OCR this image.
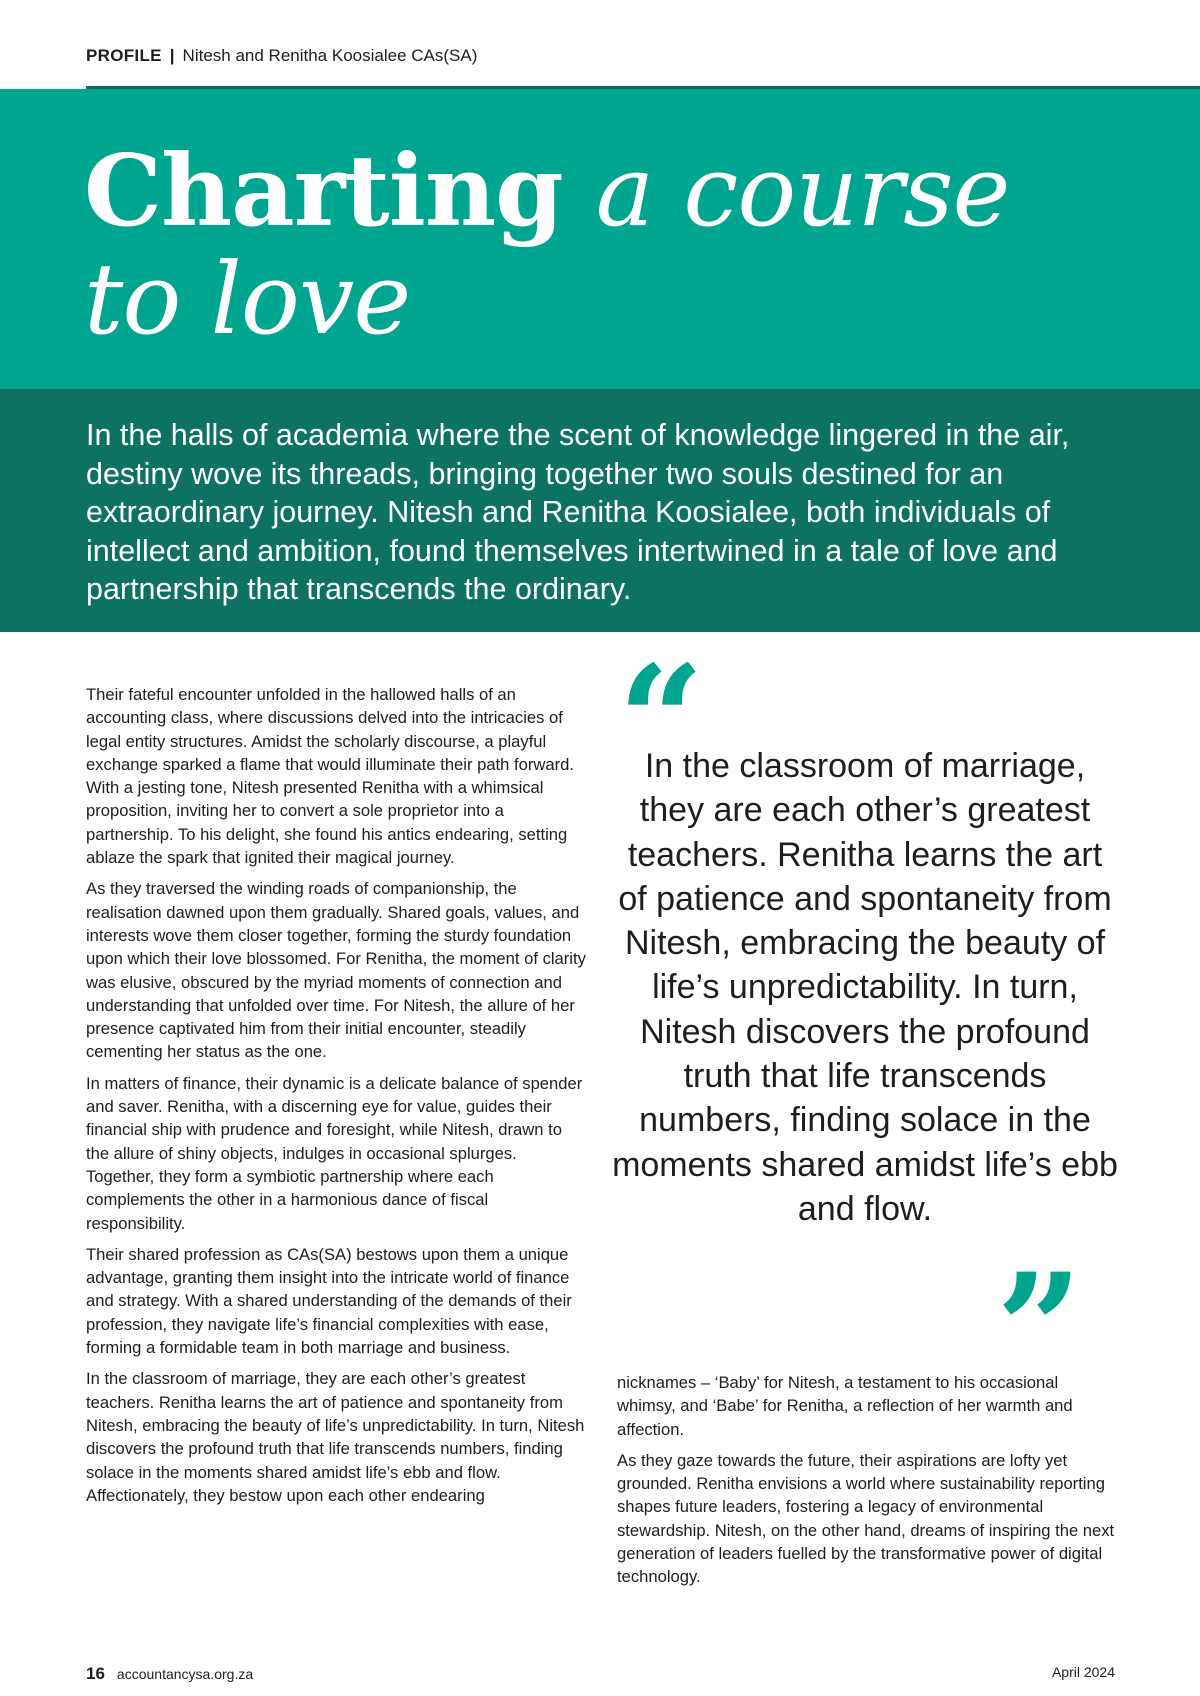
PROFILE | Nitesh and Renitha Koosialee CAs(SA)
Charting a course
to love

In the halls of academia where the scent of knowledge lingered in the air, destiny wove its threads, bringing together two souls destined for an extraordinary journey. Nitesh and Renitha Koosialee, both individuals of intellect and ambition, found themselves intertwined in a tale of love and partnership that transcends the ordinary.

Their fateful encounter unfolded in the hallowed halls of an accounting class, where discussions delved into the intricacies of legal entity structures. Amidst the scholarly discourse, a playful exchange sparked a flame that would illuminate their path forward. With a jesting tone, Nitesh presented Renitha with a whimsical proposition, inviting her to convert a sole proprietor into a partnership. To his delight, she found his antics endearing, setting ablaze the spark that ignited their magical journey.

As they traversed the winding roads of companionship, the realisation dawned upon them gradually. Shared goals, values, and interests wove them closer together, forming the sturdy foundation upon which their love blossomed. For Renitha, the moment of clarity was elusive, obscured by the myriad moments of connection and understanding that unfolded over time. For Nitesh, the allure of her presence captivated him from their initial encounter, steadily cementing her status as the one.

In matters of finance, their dynamic is a delicate balance of spender and saver. Renitha, with a discerning eye for value, guides their financial ship with prudence and foresight, while Nitesh, drawn to the allure of shiny objects, indulges in occasional splurges. Together, they form a symbiotic partnership where each complements the other in a harmonious dance of fiscal responsibility.

Their shared profession as CAs(SA) bestows upon them a unique advantage, granting them insight into the intricate world of finance and strategy. With a shared understanding of the demands of their profession, they navigate life’s financial complexities with ease, forming a formidable team in both marriage and business.

In the classroom of marriage, they are each other’s greatest teachers. Renitha learns the art of patience and spontaneity from Nitesh, embracing the beauty of life’s unpredictability. In turn, Nitesh discovers the profound truth that life transcends numbers, finding solace in the moments shared amidst life’s ebb and flow. Affectionately, they bestow upon each other endearing

“

In the classroom of marriage, they are each other’s greatest teachers. Renitha learns the art of patience and spontaneity from Nitesh, embracing the beauty of life’s unpredictability. In turn, Nitesh discovers the profound truth that life transcends numbers, finding solace in the moments shared amidst life’s ebb and flow.

”

nicknames – ‘Baby’ for Nitesh, a testament to his occasional whimsy, and ‘Babe’ for Renitha, a reflection of her warmth and affection.

As they gaze towards the future, their aspirations are lofty yet grounded. Renitha envisions a world where sustainability reporting shapes future leaders, fostering a legacy of environmental stewardship. Nitesh, on the other hand, dreams of inspiring the next generation of leaders fuelled by the transformative power of digital technology.

16 accountancysa.org.za	April 2024
